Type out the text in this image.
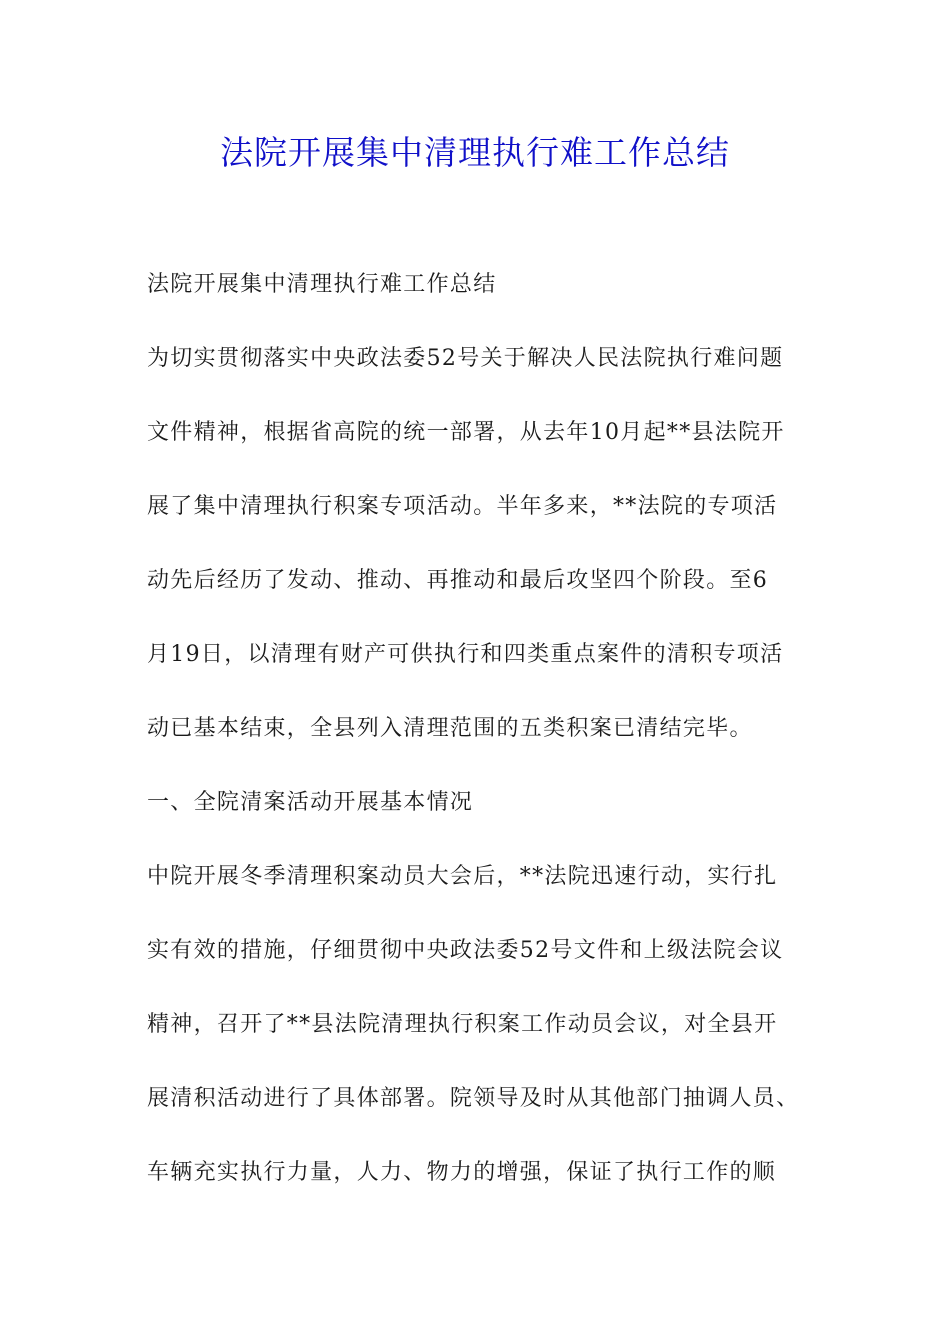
法院开展集中清理执行难工作总结
法院开展集中清理执行难工作总结
为切实贯彻落实中央政法委52号关于解决人民法院执行难问题
文件精神，根据省高院的统一部署，从去年10月起**县法院开
展了集中清理执行积案专项活动。半年多来，**法院的专项活
动先后经历了发动、推动、再推动和最后攻坚四个阶段。至6
月19日，以清理有财产可供执行和四类重点案件的清积专项活
动已基本结束，全县列入清理范围的五类积案已清结完毕。
一、全院清案活动开展基本情况
中院开展冬季清理积案动员大会后，**法院迅速行动，实行扎
实有效的措施，仔细贯彻中央政法委52号文件和上级法院会议
精神，召开了**县法院清理执行积案工作动员会议，对全县开
展清积活动进行了具体部署。院领导及时从其他部门抽调人员、
车辆充实执行力量，人力、物力的增强，保证了执行工作的顺
